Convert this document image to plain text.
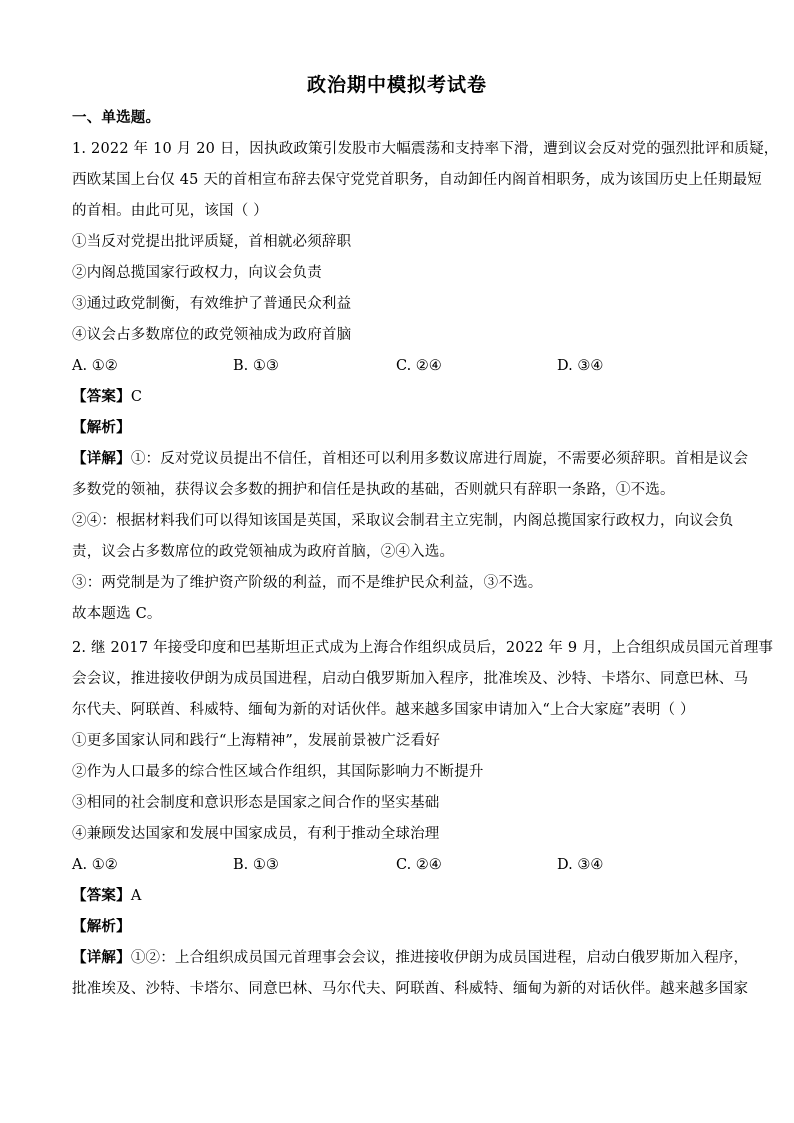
政治期中模拟考试卷
一、单选题。
1. 2022 年 10 月 20 日，因执政政策引发股市大幅震荡和支持率下滑，遭到议会反对党的强烈批评和质疑，
西欧某国上台仅 45 天的首相宣布辞去保守党党首职务，自动卸任内阁首相职务，成为该国历史上任期最短
的首相。由此可见，该国（ ）
①当反对党提出批评质疑，首相就必须辞职
②内阁总揽国家行政权力，向议会负责
③通过政党制衡，有效维护了普通民众利益
④议会占多数席位的政党领袖成为政府首脑
A. ①②	B. ①③	C. ②④	D. ③④
【答案】C
【解析】
【详解】①：反对党议员提出不信任，首相还可以利用多数议席进行周旋，不需要必须辞职。首相是议会
多数党的领袖，获得议会多数的拥护和信任是执政的基础，否则就只有辞职一条路，①不选。
②④：根据材料我们可以得知该国是英国，采取议会制君主立宪制，内阁总揽国家行政权力，向议会负
责，议会占多数席位的政党领袖成为政府首脑，②④入选。
③：两党制是为了维护资产阶级的利益，而不是维护民众利益，③不选。
故本题选 C。
2. 继 2017 年接受印度和巴基斯坦正式成为上海合作组织成员后，2022 年 9 月，上合组织成员国元首理事
会会议，推进接收伊朗为成员国进程，启动白俄罗斯加入程序，批准埃及、沙特、卡塔尔、同意巴林、马
尔代夫、阿联酋、科威特、缅甸为新的对话伙伴。越来越多国家申请加入“上合大家庭”表明（ ）
①更多国家认同和践行“上海精神”，发展前景被广泛看好
②作为人口最多的综合性区域合作组织，其国际影响力不断提升
③相同的社会制度和意识形态是国家之间合作的坚实基础
④兼顾发达国家和发展中国家成员，有利于推动全球治理
A. ①②	B. ①③	C. ②④	D. ③④
【答案】A
【解析】
【详解】①②：上合组织成员国元首理事会会议，推进接收伊朗为成员国进程，启动白俄罗斯加入程序，
批准埃及、沙特、卡塔尔、同意巴林、马尔代夫、阿联酋、科威特、缅甸为新的对话伙伴。越来越多国家
